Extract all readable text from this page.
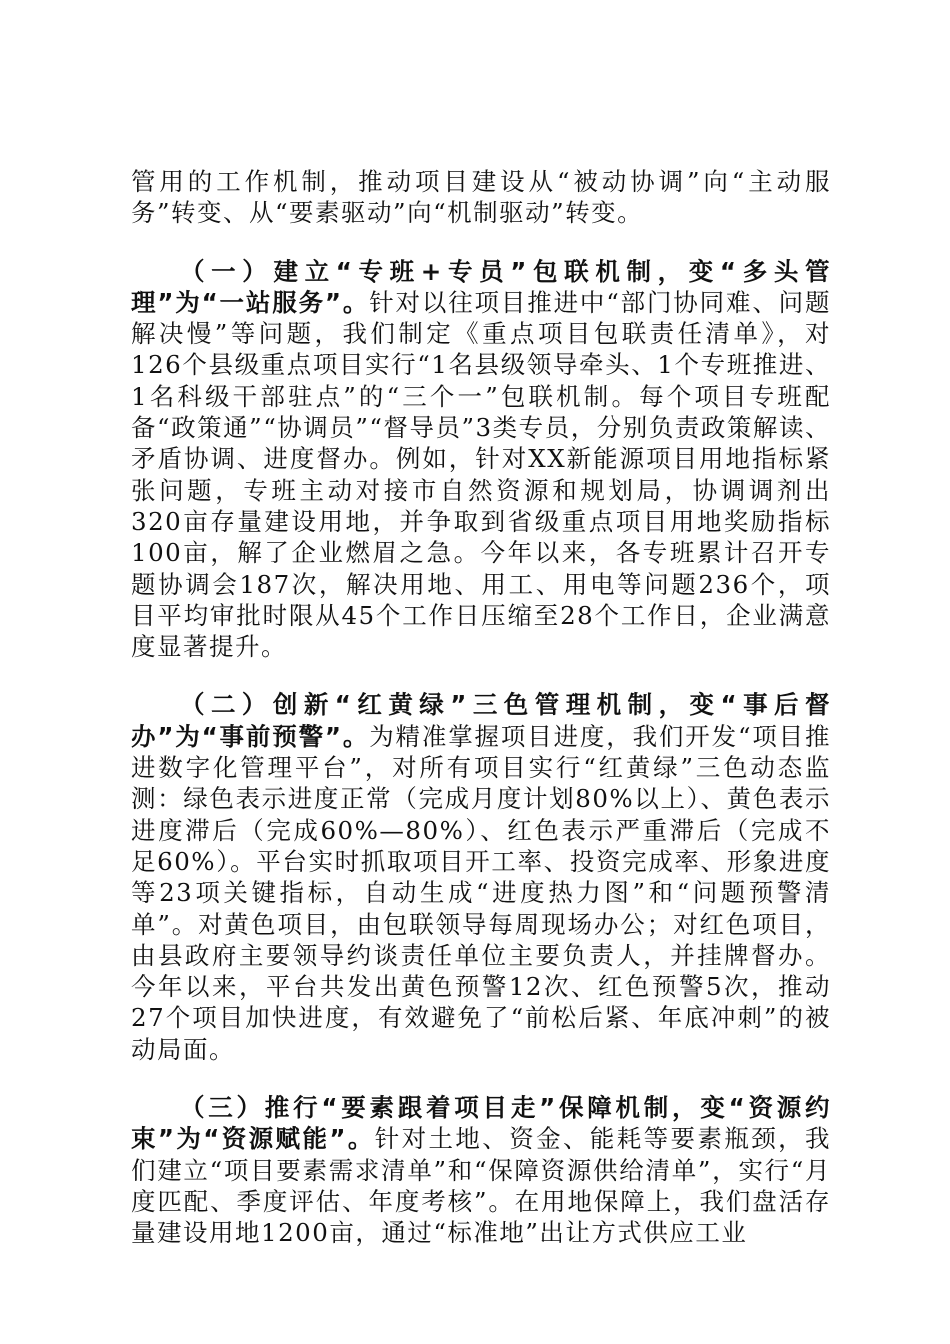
管用的工作机制，推动项目建设从“被动协调”向“主动服务”转变、从“要素驱动”向“机制驱动”转变。

（一）建立“专班+专员”包联机制，变“多头管理”为“一站服务”。针对以往项目推进中“部门协同难、问题解决慢”等问题，我们制定《重点项目包联责任清单》，对126个县级重点项目实行“1名县级领导牵头、1个专班推进、1名科级干部驻点”的“三个一”包联机制。每个项目专班配备“政策通”“协调员”“督导员”3类专员，分别负责政策解读、矛盾协调、进度督办。例如，针对XX新能源项目用地指标紧张问题，专班主动对接市自然资源和规划局，协调调剂出320亩存量建设用地，并争取到省级重点项目用地奖励指标100亩，解了企业燃眉之急。今年以来，各专班累计召开专题协调会187次，解决用地、用工、用电等问题236个，项目平均审批时限从45个工作日压缩至28个工作日，企业满意度显著提升。

（二）创新“红黄绿”三色管理机制，变“事后督办”为“事前预警”。为精准掌握项目进度，我们开发“项目推进数字化管理平台”，对所有项目实行“红黄绿”三色动态监测：绿色表示进度正常（完成月度计划80%以上）、黄色表示进度滞后（完成60%—80%）、红色表示严重滞后（完成不足60%）。平台实时抓取项目开工率、投资完成率、形象进度等23项关键指标，自动生成“进度热力图”和“问题预警清单”。对黄色项目，由包联领导每周现场办公；对红色项目，由县政府主要领导约谈责任单位主要负责人，并挂牌督办。今年以来，平台共发出黄色预警12次、红色预警5次，推动27个项目加快进度，有效避免了“前松后紧、年底冲刺”的被动局面。

（三）推行“要素跟着项目走”保障机制，变“资源约束”为“资源赋能”。针对土地、资金、能耗等要素瓶颈，我们建立“项目要素需求清单”和“保障资源供给清单”，实行“月度匹配、季度评估、年度考核”。在用地保障上，我们盘活存量建设用地1200亩，通过“标准地”出让方式供应工业
